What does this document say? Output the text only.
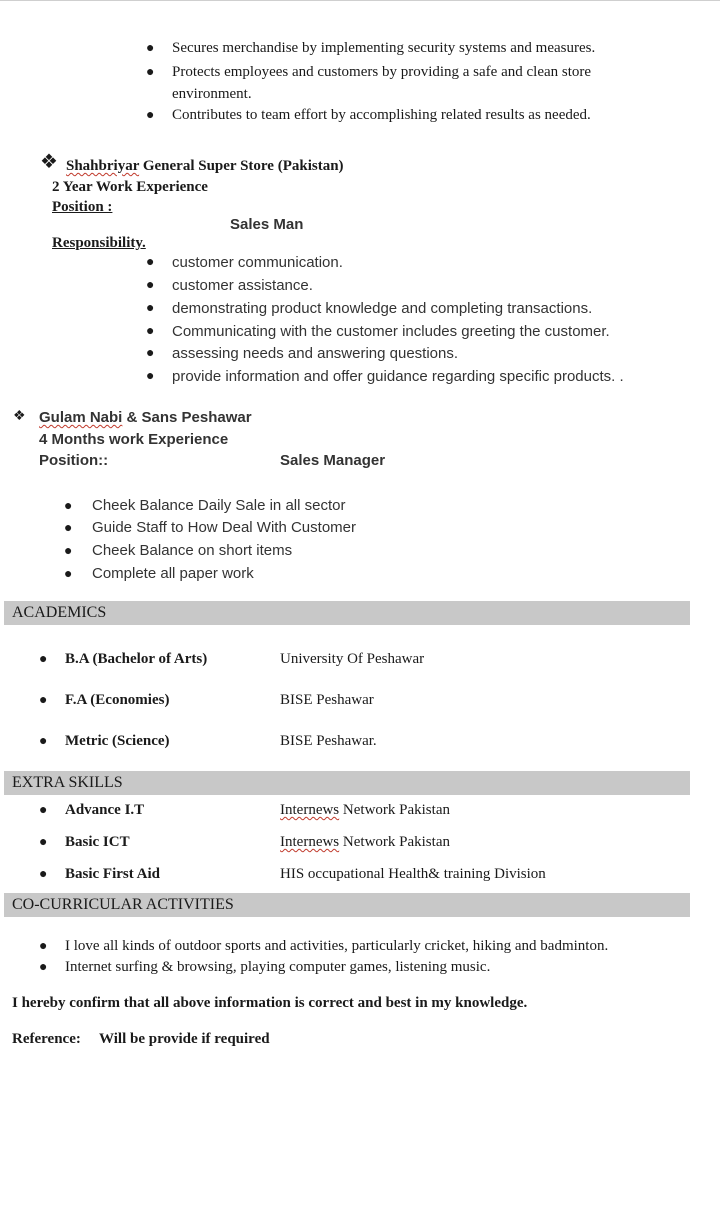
● Secures merchandise by implementing security systems and measures.
● Protects employees and customers by providing a safe and clean store
environment.
● Contributes to team effort by accomplishing related results as needed.
❖ Shahbriyar General Super Store (Pakistan)
2 Year Work Experience
Position :
Sales Man
Responsibility.
● customer communication.
● customer assistance.
● demonstrating product knowledge and completing transactions.
● Communicating with the customer includes greeting the customer.
● assessing needs and answering questions.
● provide information and offer guidance regarding specific products. .
❖ Gulam Nabi & Sans Peshawar
4 Months work Experience
Position::	Sales Manager
● Cheek Balance Daily Sale in all sector
● Guide Staff to How Deal With Customer
● Cheek Balance on short items
● Complete all paper work
ACADEMICS
● B.A (Bachelor of Arts)	University Of Peshawar
● F.A (Economies)	BISE Peshawar
● Metric (Science)	BISE Peshawar.
EXTRA SKILLS
● Advance I.T	Internews Network Pakistan
● Basic ICT	Internews Network Pakistan
● Basic First Aid	HIS occupational Health& training Division
CO-CURRICULAR ACTIVITIES
● I love all kinds of outdoor sports and activities, particularly cricket, hiking and badminton.
● Internet surfing & browsing, playing computer games, listening music.
I hereby confirm that all above information is correct and best in my knowledge.
Reference: Will be provide if required
